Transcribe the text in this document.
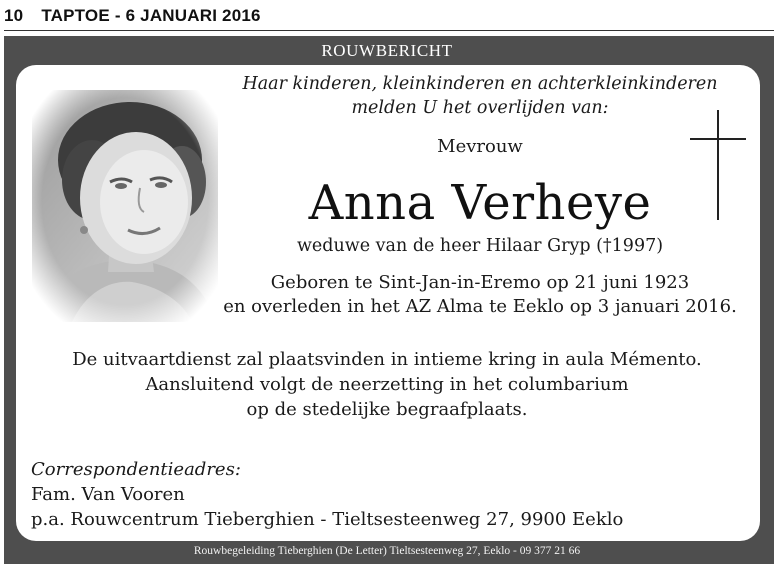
10 TAPTOE - 6 JANUARI 2016
ROUWBERICHT
Haar kinderen, kleinkinderen en achterkleinkinderen
melden U het overlijden van:
Mevrouw
Anna Verheye
weduwe van de heer Hilaar Gryp (†1997)
Geboren te Sint-Jan-in-Eremo op 21 juni 1923
en overleden in het AZ Alma te Eeklo op 3 januari 2016.
De uitvaartdienst zal plaatsvinden in intieme kring in aula Mémento.
Aansluitend volgt de neerzetting in het columbarium
op de stedelijke begraafplaats.
Correspondentieadres:
Fam. Van Vooren
p.a. Rouwcentrum Tieberghien - Tieltsesteenweg 27, 9900 Eeklo
Rouwbegeleiding Tieberghien (De Letter) Tieltsesteenweg 27, Eeklo - 09 377 21 66
